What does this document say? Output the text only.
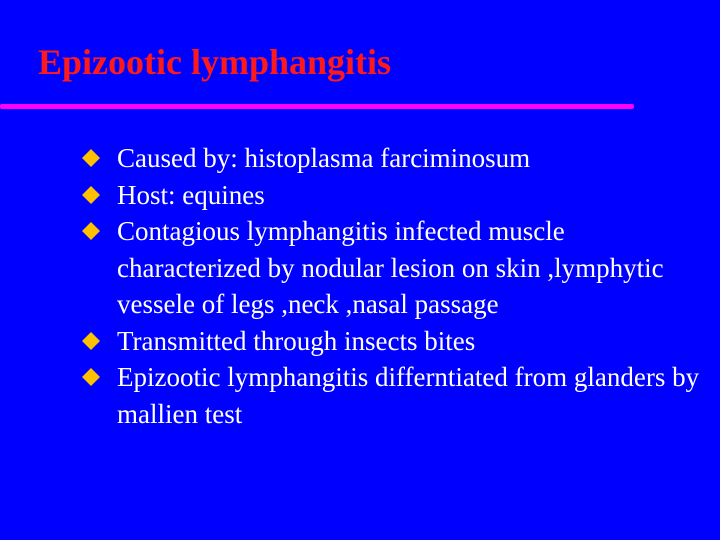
Epizootic lymphangitis
Caused by: histoplasma farciminosum
Host: equines
Contagious lymphangitis infected muscle characterized by nodular lesion on skin ,lymphytic vessele of legs ,neck ,nasal passage
Transmitted through insects bites
Epizootic lymphangitis differntiated from glanders by mallien test
